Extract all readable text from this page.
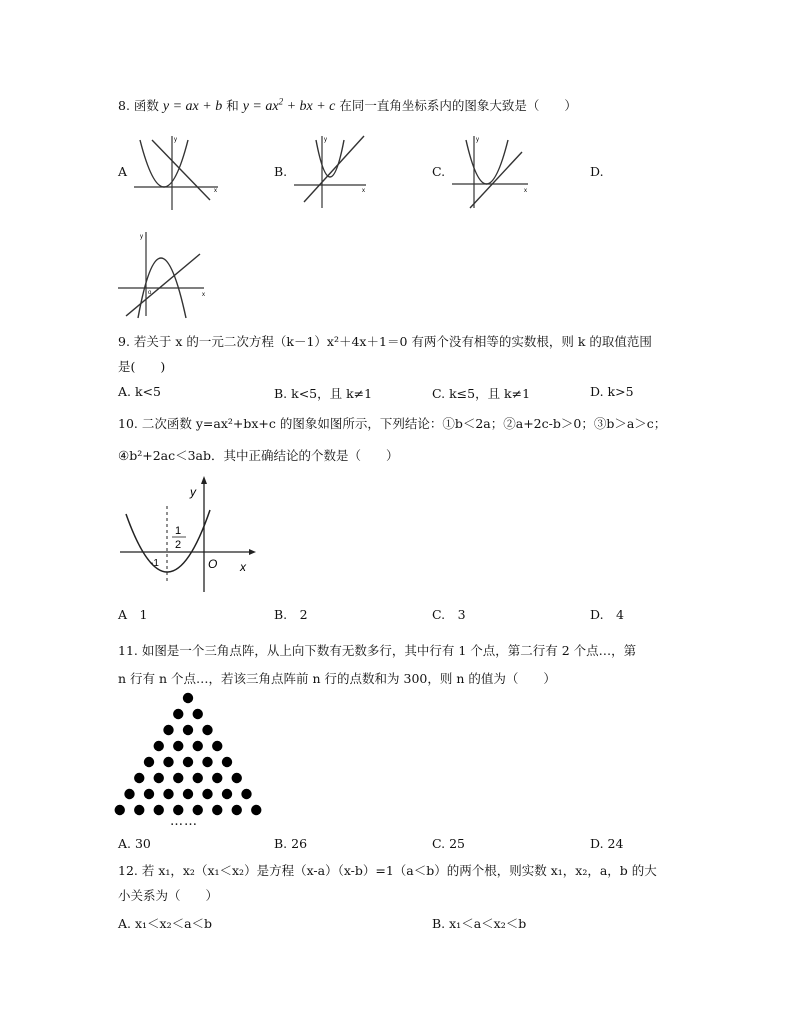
8. 函数 y = ax + b 和 $y = ax^2$ + bx + c 在同一直角坐标系内的图象大致是（　　）
A	B.	C.	D.
y
x
y
x
y
x
y
x
o
9. 若关于 x 的一元二次方程（k－1）x²＋4x＋1＝0 有两个没有相等的实数根，则 k 的取值范围
是(　　)
A. k<5	B. k<5，且 k≠1	C. k≤5，且 k≠1	D. k>5
10. 二次函数 y=ax²+bx+c 的图象如图所示，下列结论：①b＜2a；②a+2c-b＞0；③b＞a＞c；
④b²+2ac＜3ab．其中正确结论的个数是（　　）
y
x
O
-1
1
2
A　1	B.　2	C.　3	D.　4
11. 如图是一个三角点阵，从上向下数有无数多行，其中行有 1 个点，第二行有 2 个点…，第
n 行有 n 个点…，若该三角点阵前 n 行的点数和为 300，则 n 的值为（　　）
……
A. 30	B. 26	C. 25	D. 24
12. 若 x₁，x₂（x₁＜x₂）是方程（x-a）（x-b）=1（a＜b）的两个根，则实数 x₁，x₂，a，b 的大
小关系为（　　）
A. x₁＜x₂＜a＜b	B. x₁＜a＜x₂＜b
